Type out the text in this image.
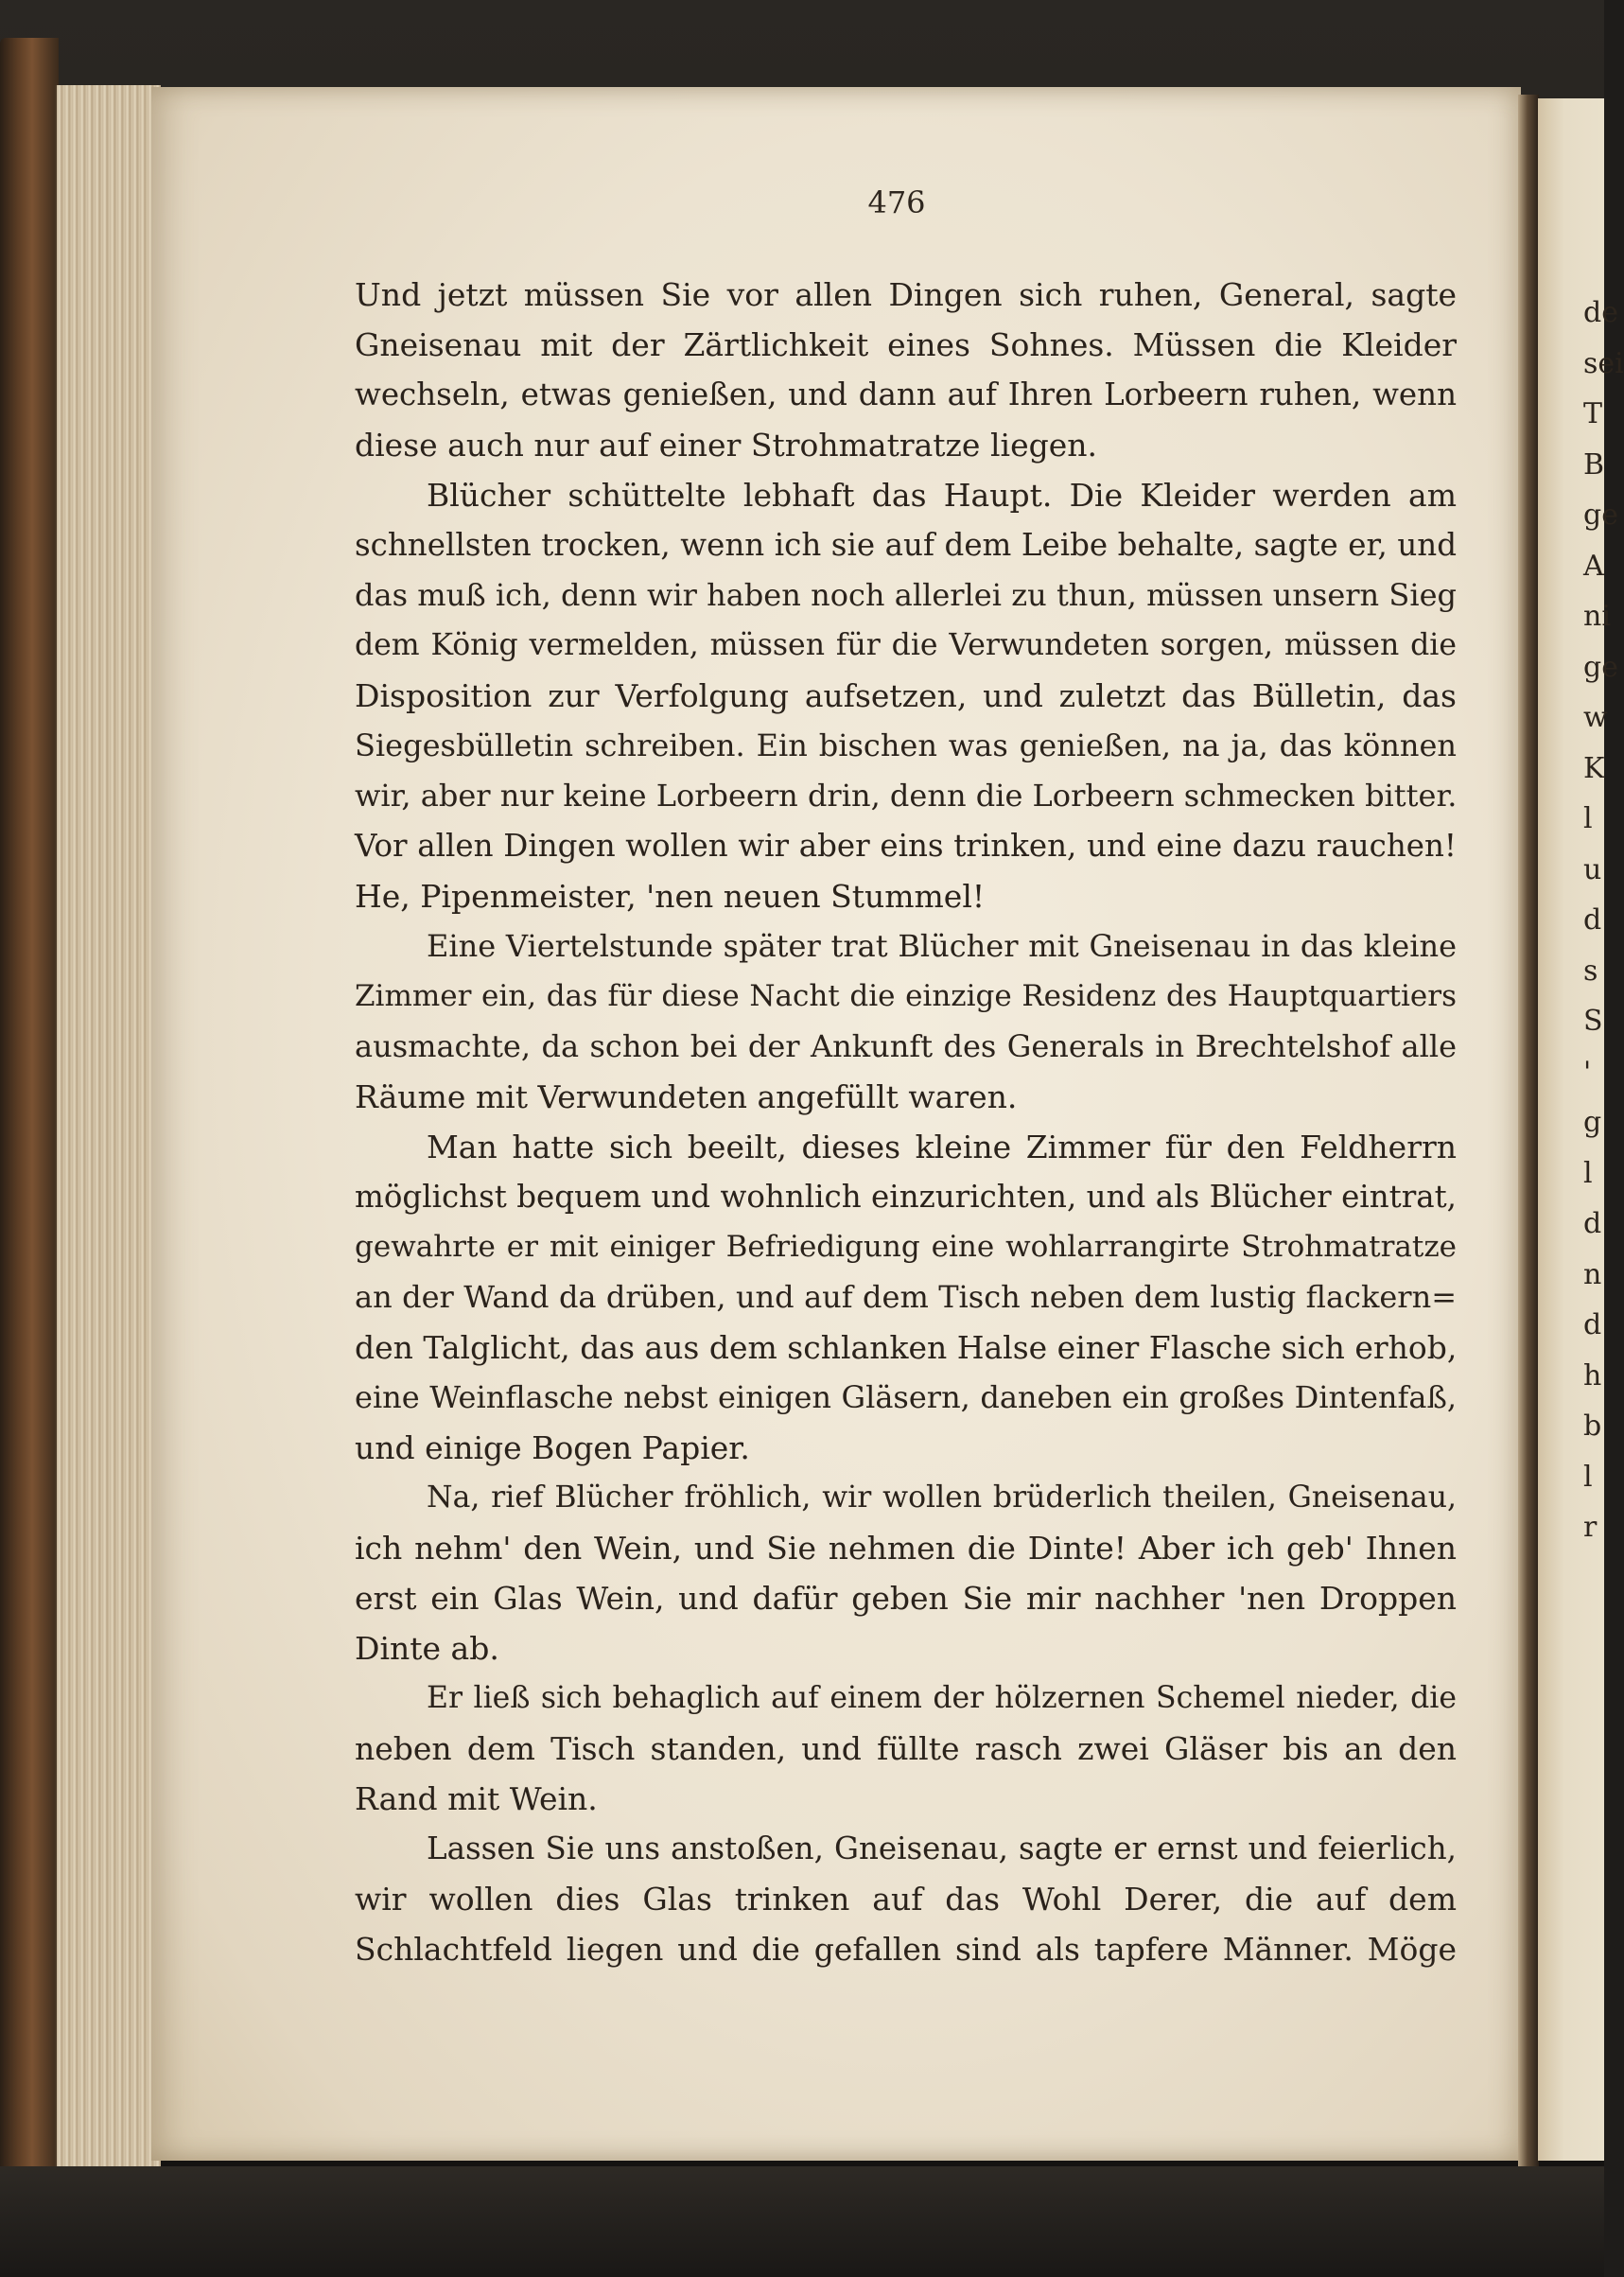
de
sei
T
B
ge
A
ni
ge
w
K
l
u
d
s
S
'
g
l
d
n
d
h
b
l
r
476
Und jetzt müssen Sie vor allen Dingen sich ruhen, General, sagte
Gneisenau mit der Zärtlichkeit eines Sohnes. Müssen die Kleider
wechseln, etwas genießen, und dann auf Ihren Lorbeern ruhen, wenn
diese auch nur auf einer Strohmatratze liegen.
Blücher schüttelte lebhaft das Haupt. Die Kleider werden am
schnellsten trocken, wenn ich sie auf dem Leibe behalte, sagte er, und
das muß ich, denn wir haben noch allerlei zu thun, müssen unsern Sieg
dem König vermelden, müssen für die Verwundeten sorgen, müssen die
Disposition zur Verfolgung aufsetzen, und zuletzt das Bülletin, das
Siegesbülletin schreiben. Ein bischen was genießen, na ja, das können
wir, aber nur keine Lorbeern drin, denn die Lorbeern schmecken bitter.
Vor allen Dingen wollen wir aber eins trinken, und eine dazu rauchen!
He, Pipenmeister, 'nen neuen Stummel!
Eine Viertelstunde später trat Blücher mit Gneisenau in das kleine
Zimmer ein, das für diese Nacht die einzige Residenz des Hauptquartiers
ausmachte, da schon bei der Ankunft des Generals in Brechtelshof alle
Räume mit Verwundeten angefüllt waren.
Man hatte sich beeilt, dieses kleine Zimmer für den Feldherrn
möglichst bequem und wohnlich einzurichten, und als Blücher eintrat,
gewahrte er mit einiger Befriedigung eine wohlarrangirte Strohmatratze
an der Wand da drüben, und auf dem Tisch neben dem lustig flackern=
den Talglicht, das aus dem schlanken Halse einer Flasche sich erhob,
eine Weinflasche nebst einigen Gläsern, daneben ein großes Dintenfaß,
und einige Bogen Papier.
Na, rief Blücher fröhlich, wir wollen brüderlich theilen, Gneisenau,
ich nehm' den Wein, und Sie nehmen die Dinte! Aber ich geb' Ihnen
erst ein Glas Wein, und dafür geben Sie mir nachher 'nen Droppen
Dinte ab.
Er ließ sich behaglich auf einem der hölzernen Schemel nieder, die
neben dem Tisch standen, und füllte rasch zwei Gläser bis an den
Rand mit Wein.
Lassen Sie uns anstoßen, Gneisenau, sagte er ernst und feierlich,
wir wollen dies Glas trinken auf das Wohl Derer, die auf dem
Schlachtfeld liegen und die gefallen sind als tapfere Männer. Möge
